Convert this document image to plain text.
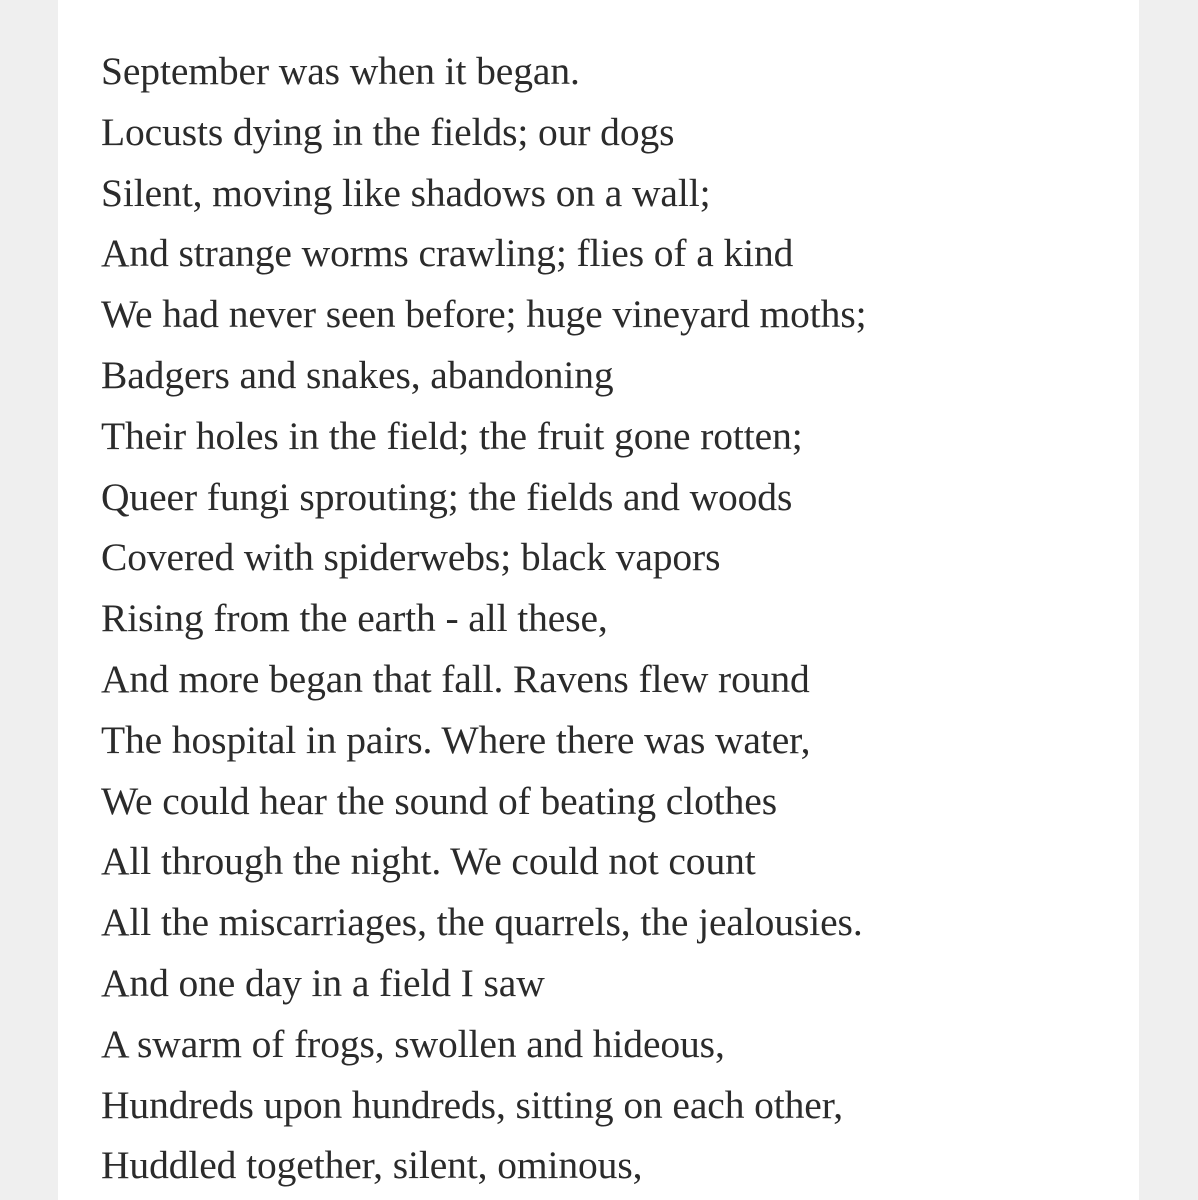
September was when it began.
Locusts dying in the fields; our dogs
Silent, moving like shadows on a wall;
And strange worms crawling; flies of a kind
We had never seen before; huge vineyard moths;
Badgers and snakes, abandoning
Their holes in the field; the fruit gone rotten;
Queer fungi sprouting; the fields and woods
Covered with spiderwebs; black vapors
Rising from the earth - all these,
And more began that fall. Ravens flew round
The hospital in pairs. Where there was water,
We could hear the sound of beating clothes
All through the night. We could not count
All the miscarriages, the quarrels, the jealousies.
And one day in a field I saw
A swarm of frogs, swollen and hideous,
Hundreds upon hundreds, sitting on each other,
Huddled together, silent, ominous,
